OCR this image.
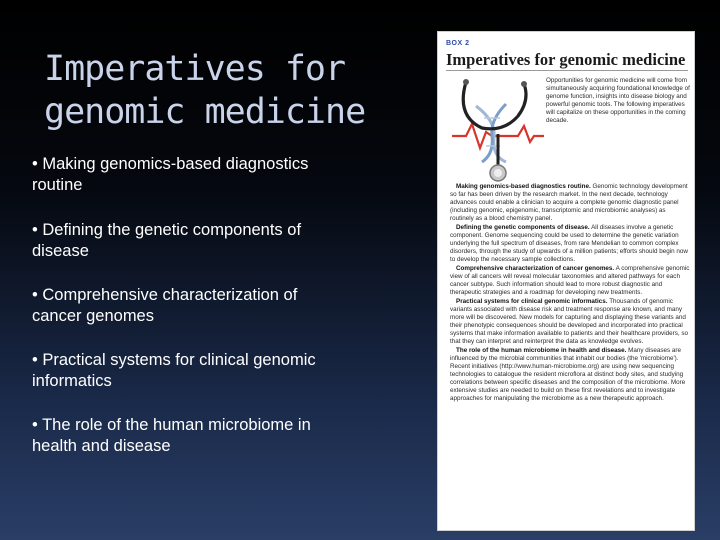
Imperatives for
genomic medicine
• Making genomics-based diagnostics routine
• Defining the genetic components of disease
• Comprehensive characterization of cancer genomes
• Practical systems for clinical genomic informatics
• The role of the human microbiome in health and disease
BOX 2
Imperatives for genomic medicine

Opportunities for genomic medicine will come from simultaneously acquiring foundational knowledge of genome function, insights into disease biology and powerful genomic tools. The following imperatives will capitalize on these opportunities in the coming decade.

Making genomics-based diagnostics routine. Genomic technology development so far has been driven by the research market. In the next decade, technology advances could enable a clinician to acquire a complete genomic diagnostic panel (including genomic, epigenomic, transcriptomic and microbiomic analyses) as routinely as a blood chemistry panel.

Defining the genetic components of disease. All diseases involve a genetic component. Genome sequencing could be used to determine the genetic variation underlying the full spectrum of diseases, from rare Mendelian to common complex disorders, through the study of upwards of a million patients; efforts should begin now to develop the necessary sample collections.

Comprehensive characterization of cancer genomes. A comprehensive genomic view of all cancers will reveal molecular taxonomies and altered pathways for each cancer subtype. Such information should lead to more robust diagnostic and therapeutic strategies and a roadmap for developing new treatments.

Practical systems for clinical genomic informatics. Thousands of genomic variants associated with disease risk and treatment response are known, and many more will be discovered. New models for capturing and displaying these variants and their phenotypic consequences should be developed and incorporated into practical systems that make information available to patients and their healthcare providers, so that they can interpret and reinterpret the data as knowledge evolves.

The role of the human microbiome in health and disease. Many diseases are influenced by the microbial communities that inhabit our bodies (the 'microbiome'). Recent initiatives (http://www.human-microbiome.org) are using new sequencing technologies to catalogue the resident microflora at distinct body sites, and studying correlations between specific diseases and the composition of the microbiome. More extensive studies are needed to build on these first revelations and to investigate approaches for manipulating the microbiome as a new therapeutic approach.
